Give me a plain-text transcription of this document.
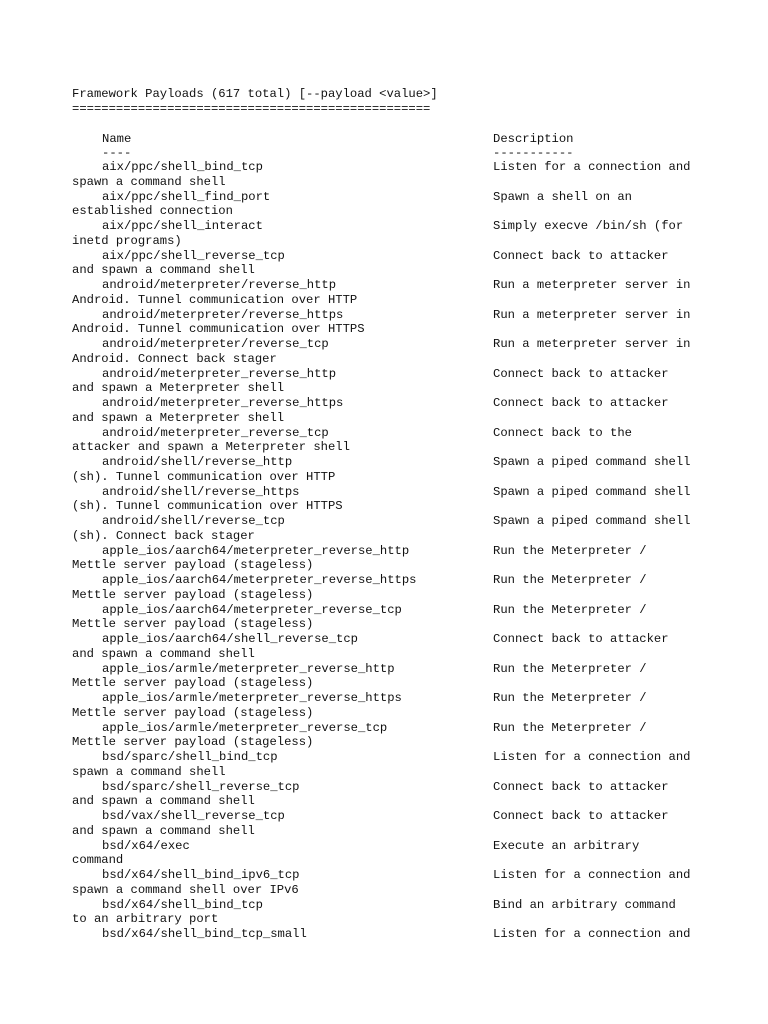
Framework Payloads (617 total) [--payload <value>]
=================================================
Name	Description
----	-----------
aix/ppc/shell_bind_tcp	Listen for a connection and
spawn a command shell
aix/ppc/shell_find_port	Spawn a shell on an
established connection
aix/ppc/shell_interact	Simply execve /bin/sh (for
inetd programs)
aix/ppc/shell_reverse_tcp	Connect back to attacker
and spawn a command shell
android/meterpreter/reverse_http	Run a meterpreter server in
Android. Tunnel communication over HTTP
android/meterpreter/reverse_https	Run a meterpreter server in
Android. Tunnel communication over HTTPS
android/meterpreter/reverse_tcp	Run a meterpreter server in
Android. Connect back stager
android/meterpreter_reverse_http	Connect back to attacker
and spawn a Meterpreter shell
android/meterpreter_reverse_https	Connect back to attacker
and spawn a Meterpreter shell
android/meterpreter_reverse_tcp	Connect back to the
attacker and spawn a Meterpreter shell
android/shell/reverse_http	Spawn a piped command shell
(sh). Tunnel communication over HTTP
android/shell/reverse_https	Spawn a piped command shell
(sh). Tunnel communication over HTTPS
android/shell/reverse_tcp	Spawn a piped command shell
(sh). Connect back stager
apple_ios/aarch64/meterpreter_reverse_http	Run the Meterpreter /
Mettle server payload (stageless)
apple_ios/aarch64/meterpreter_reverse_https	Run the Meterpreter /
Mettle server payload (stageless)
apple_ios/aarch64/meterpreter_reverse_tcp	Run the Meterpreter /
Mettle server payload (stageless)
apple_ios/aarch64/shell_reverse_tcp	Connect back to attacker
and spawn a command shell
apple_ios/armle/meterpreter_reverse_http	Run the Meterpreter /
Mettle server payload (stageless)
apple_ios/armle/meterpreter_reverse_https	Run the Meterpreter /
Mettle server payload (stageless)
apple_ios/armle/meterpreter_reverse_tcp	Run the Meterpreter /
Mettle server payload (stageless)
bsd/sparc/shell_bind_tcp	Listen for a connection and
spawn a command shell
bsd/sparc/shell_reverse_tcp	Connect back to attacker
and spawn a command shell
bsd/vax/shell_reverse_tcp	Connect back to attacker
and spawn a command shell
bsd/x64/exec	Execute an arbitrary
command
bsd/x64/shell_bind_ipv6_tcp	Listen for a connection and
spawn a command shell over IPv6
bsd/x64/shell_bind_tcp	Bind an arbitrary command
to an arbitrary port
bsd/x64/shell_bind_tcp_small	Listen for a connection and
